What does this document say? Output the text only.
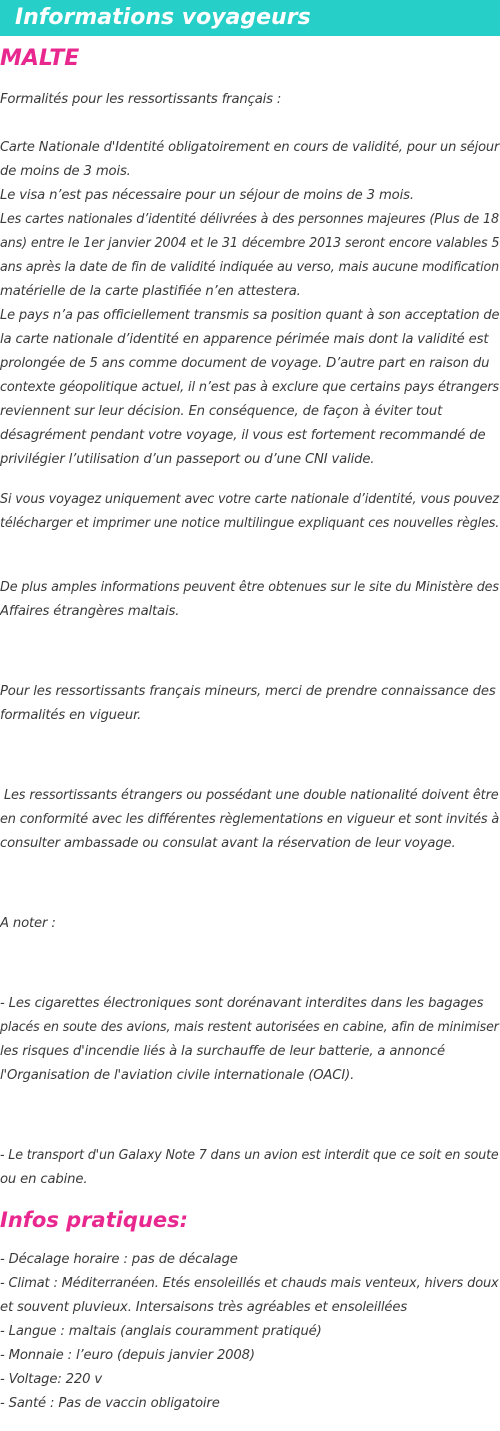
Informations voyageurs
MALTE
Formalités pour les ressortissants français :
Carte Nationale d'Identité obligatoirement en cours de validité, pour un séjour
de moins de 3 mois.
Le visa n’est pas nécessaire pour un séjour de moins de 3 mois.
Les cartes nationales d’identité délivrées à des personnes majeures (Plus de 18
ans) entre le 1er janvier 2004 et le 31 décembre 2013 seront encore valables 5
ans après la date de fin de validité indiquée au verso, mais aucune modification
matérielle de la carte plastifiée n’en attestera.
Le pays n’a pas officiellement transmis sa position quant à son acceptation de
la carte nationale d’identité en apparence périmée mais dont la validité est
prolongée de 5 ans comme document de voyage. D’autre part en raison du
contexte géopolitique actuel, il n’est pas à exclure que certains pays étrangers
reviennent sur leur décision. En conséquence, de façon à éviter tout
désagrément pendant votre voyage, il vous est fortement recommandé de
privilégier l’utilisation d’un passeport ou d’une CNI valide.
Si vous voyagez uniquement avec votre carte nationale d’identité, vous pouvez
télécharger et imprimer une notice multilingue expliquant ces nouvelles règles.
De plus amples informations peuvent être obtenues sur le site du Ministère des
Affaires étrangères maltais.
Pour les ressortissants français mineurs, merci de prendre connaissance des
formalités en vigueur.
Les ressortissants étrangers ou possédant une double nationalité doivent être
en conformité avec les différentes règlementations en vigueur et sont invités à
consulter ambassade ou consulat avant la réservation de leur voyage.
A noter :
- Les cigarettes électroniques sont dorénavant interdites dans les bagages
placés en soute des avions, mais restent autorisées en cabine, afin de minimiser
les risques d'incendie liés à la surchauffe de leur batterie, a annoncé
l'Organisation de l'aviation civile internationale (OACI).
- Le transport d'un Galaxy Note 7 dans un avion est interdit que ce soit en soute
ou en cabine.
Infos pratiques:
- Décalage horaire : pas de décalage
- Climat : Méditerranéen. Etés ensoleillés et chauds mais venteux, hivers doux
et souvent pluvieux. Intersaisons très agréables et ensoleillées
- Langue : maltais (anglais couramment pratiqué)
- Monnaie : l’euro (depuis janvier 2008)
- Voltage: 220 v
- Santé : Pas de vaccin obligatoire
